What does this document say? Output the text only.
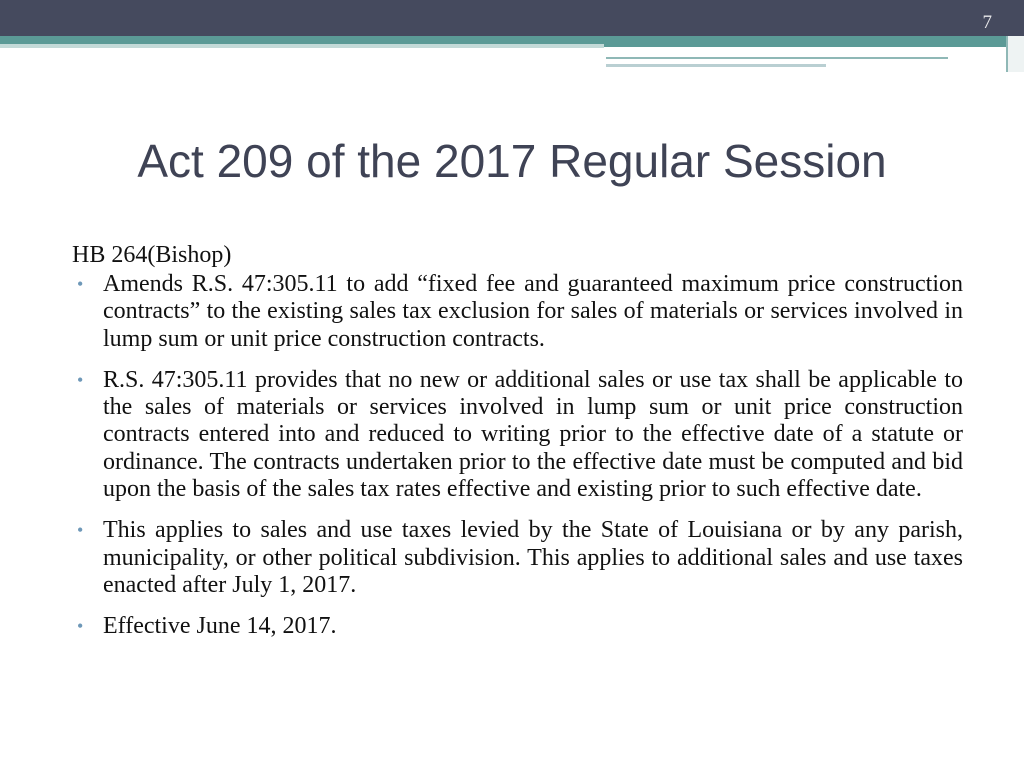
7
Act 209 of the 2017 Regular Session

HB 264(Bishop)

• Amends R.S. 47:305.11 to add “fixed fee and guaranteed maximum price construction contracts” to the existing sales tax exclusion for sales of materials or services involved in lump sum or unit price construction contracts.
• R.S. 47:305.11 provides that no new or additional sales or use tax shall be applicable to the sales of materials or services involved in lump sum or unit price construction contracts entered into and reduced to writing prior to the effective date of a statute or ordinance. The contracts undertaken prior to the effective date must be computed and bid upon the basis of the sales tax rates effective and existing prior to such effective date.
• This applies to sales and use taxes levied by the State of Louisiana or by any parish, municipality, or other political subdivision. This applies to additional sales and use taxes enacted after July 1, 2017.
• Effective June 14, 2017.
